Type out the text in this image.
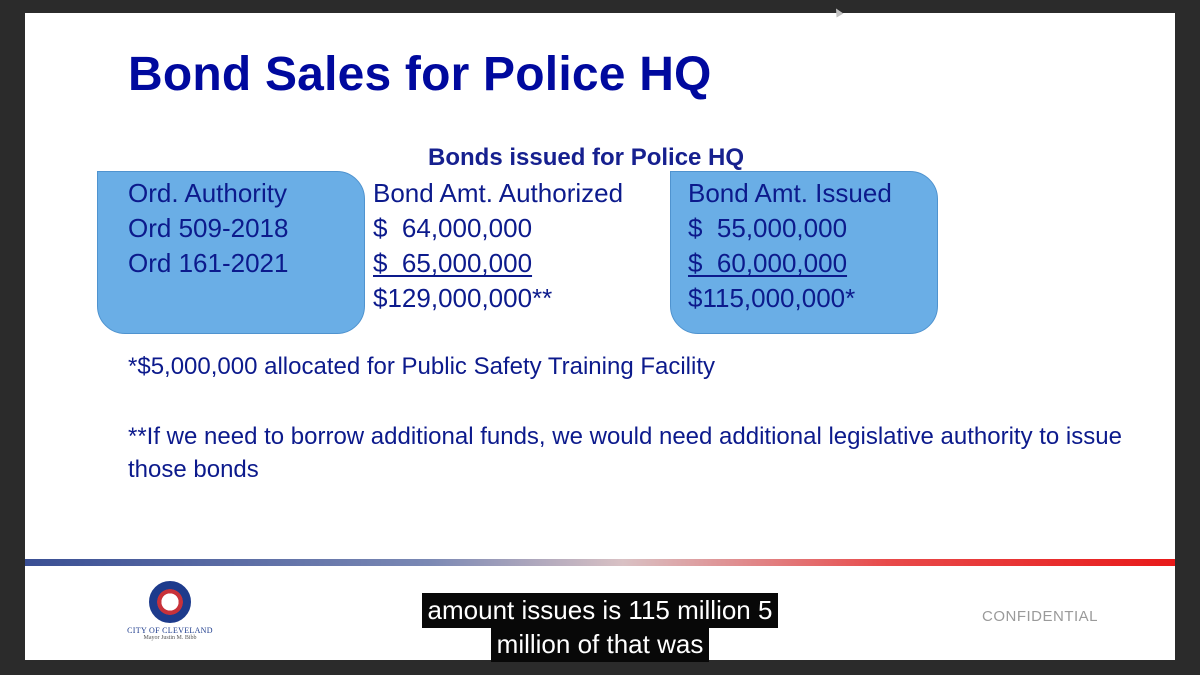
Bond Sales for Police HQ
Bonds issued for Police HQ
Ord. Authority
Ord 509-2018
Ord 161-2021
Bond Amt. Authorized
$  64,000,000
$  65,000,000
$129,000,000**
Bond Amt. Issued
$  55,000,000
$  60,000,000
$115,000,000*
*$5,000,000 allocated for Public Safety Training Facility
**If we need to borrow additional funds, we would need additional legislative authority to issue those bonds
CITY OF CLEVELAND
Mayor Justin M. Bibb
CONFIDENTIAL
amount issues is 115 million 5
million of that was
